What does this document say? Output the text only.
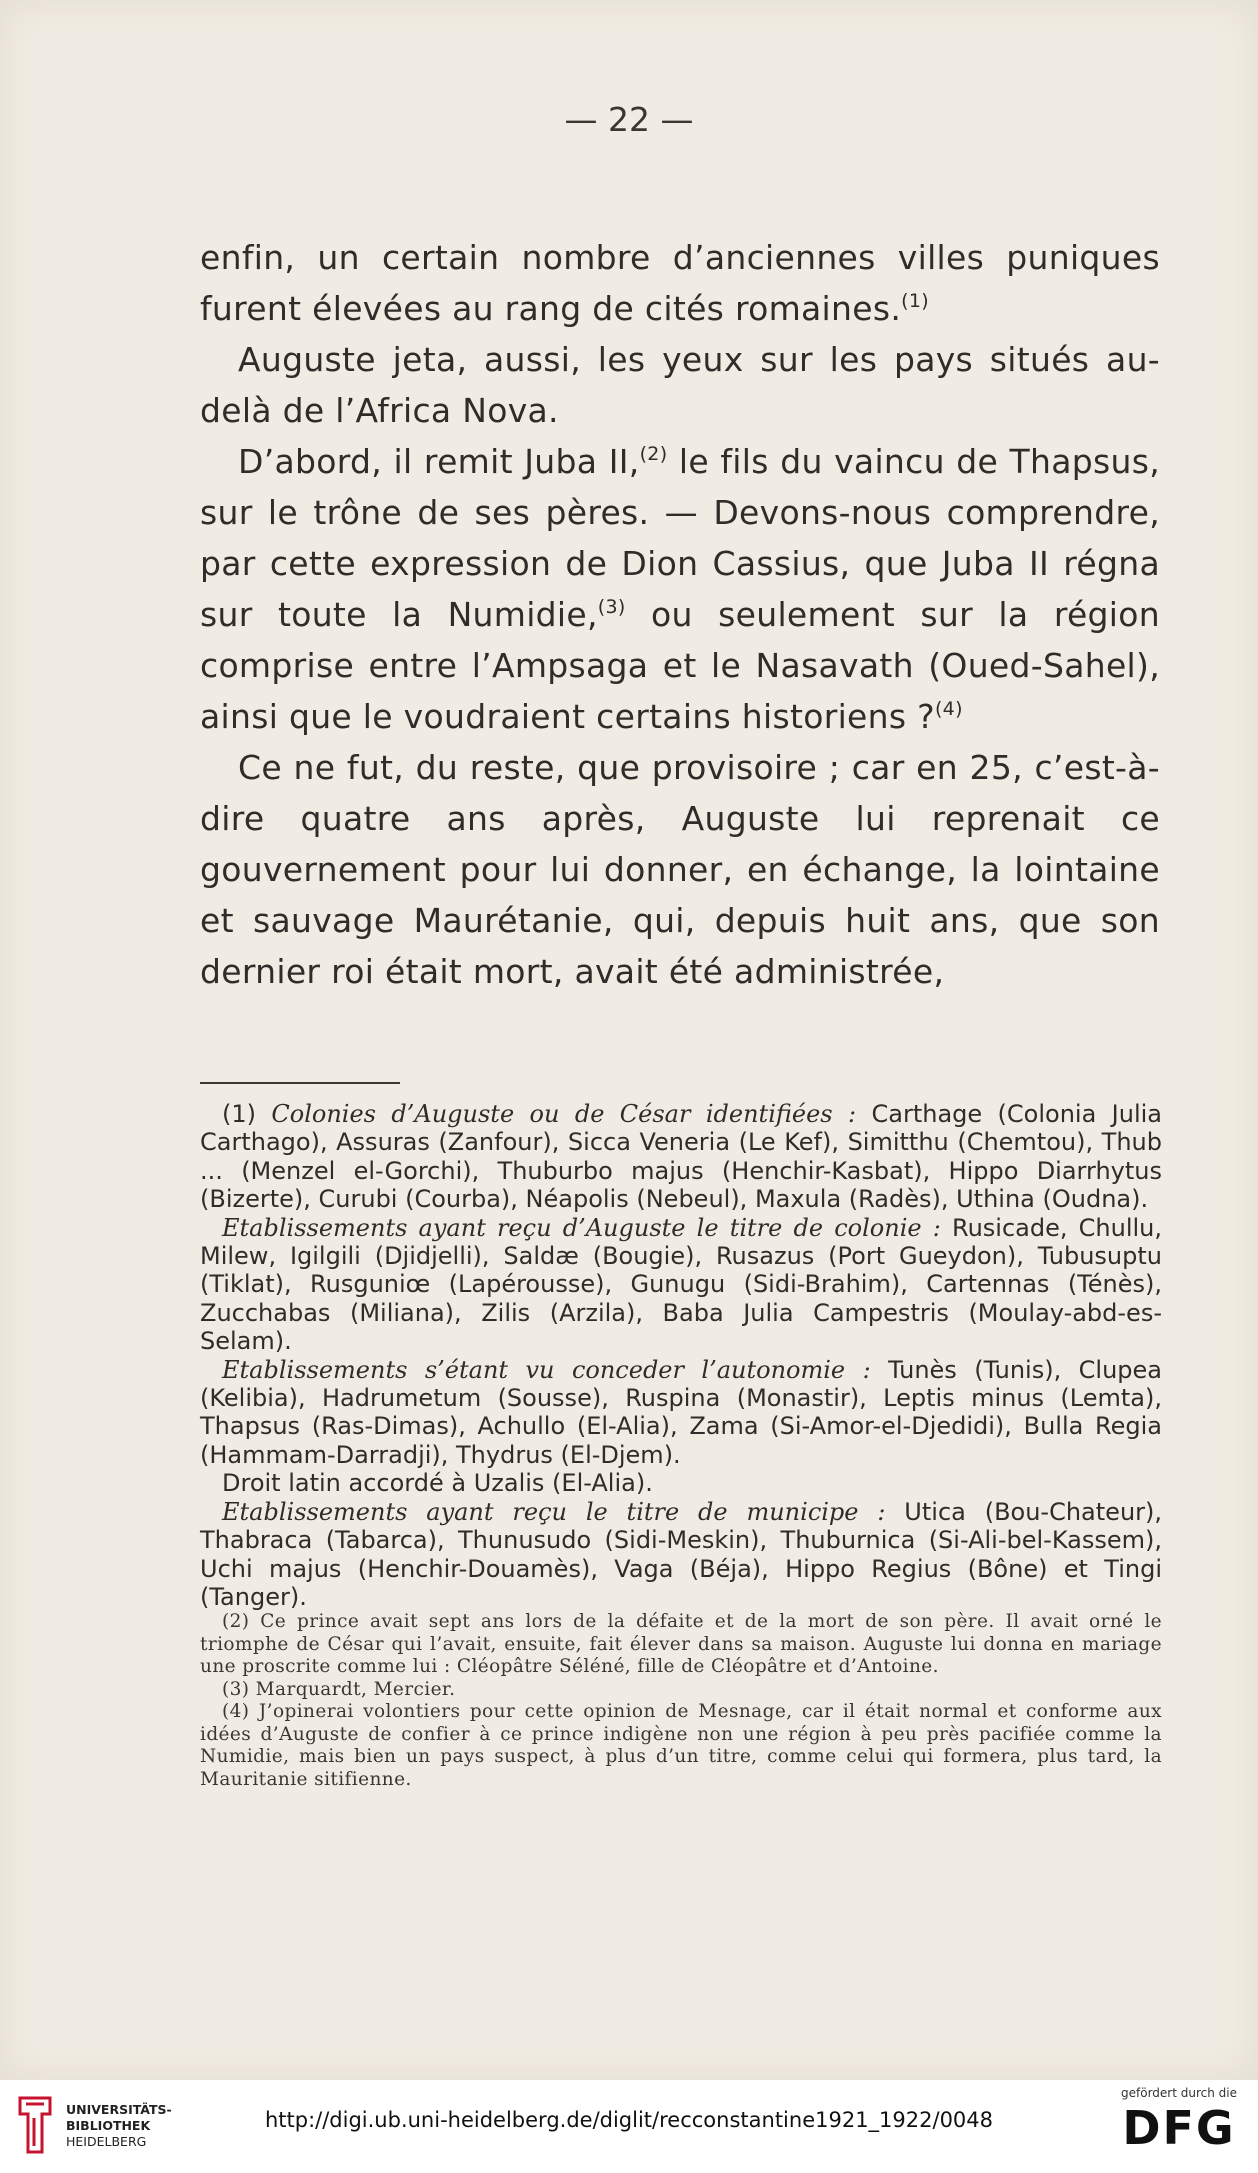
— 22 —

enfin, un certain nombre d’anciennes villes puniques furent élevées au rang de cités romaines.$^{(1)}$

Auguste jeta, aussi, les yeux sur les pays situés au-delà de l’Africa Nova.

D’abord, il remit Juba II,$^{(2)}$ le fils du vaincu de Thapsus, sur le trône de ses pères. — Devons-nous comprendre, par cette expression de Dion Cassius, que Juba II régna sur toute la Numidie,$^{(3)}$ ou seulement sur la région comprise entre l’Ampsaga et le Nasavath (Oued-Sahel), ainsi que le voudraient certains historiens ?$^{(4)}$

Ce ne fut, du reste, que provisoire ; car en 25, c’est-à-dire quatre ans après, Auguste lui reprenait ce gouvernement pour lui donner, en échange, la lointaine et sauvage Maurétanie, qui, depuis huit ans, que son dernier roi était mort, avait été administrée,

(1) Colonies d’Auguste ou de César identifiées : Carthage (Colonia Julia Carthago), Assuras (Zanfour), Sicca Veneria (Le Kef), Simitthu (Chemtou), Thub ... (Menzel el-Gorchi), Thuburbo majus (Henchir-Kasbat), Hippo Diarrhytus (Bizerte), Curubi (Courba), Néapolis (Nebeul), Maxula (Radès), Uthina (Oudna).

Etablissements ayant reçu d’Auguste le titre de colonie : Rusicade, Chullu, Milew, Igilgili (Djidjelli), Saldæ (Bougie), Rusazus (Port Gueydon), Tubusuptu (Tiklat), Rusguniœ (Lapérousse), Gunugu (Sidi-Brahim), Cartennas (Ténès), Zucchabas (Miliana), Zilis (Arzila), Baba Julia Campestris (Moulay-abd-es-Selam).

Etablissements s’étant vu conceder l’autonomie : Tunès (Tunis), Clupea (Kelibia), Hadrumetum (Sousse), Ruspina (Monastir), Leptis minus (Lemta), Thapsus (Ras-Dimas), Achullo (El-Alia), Zama (Si-Amor-el-Djedidi), Bulla Regia (Hammam-Darradji), Thydrus (El-Djem).

Droit latin accordé à Uzalis (El-Alia).

Etablissements ayant reçu le titre de municipe : Utica (Bou-Chateur), Thabraca (Tabarca), Thunusudo (Sidi-Meskin), Thuburnica (Si-Ali-bel-Kassem), Uchi majus (Henchir-Douamès), Vaga (Béja), Hippo Regius (Bône) et Tingi (Tanger).

(2) Ce prince avait sept ans lors de la défaite et de la mort de son père. Il avait orné le triomphe de César qui l’avait, ensuite, fait élever dans sa maison. Auguste lui donna en mariage une proscrite comme lui : Cléopâtre Séléné, fille de Cléopâtre et d’Antoine.

(3) Marquardt, Mercier.

(4) J’opinerai volontiers pour cette opinion de Mesnage, car il était normal et conforme aux idées d’Auguste de confier à ce prince indigène non une région à peu près pacifiée comme la Numidie, mais bien un pays suspect, à plus d’un titre, comme celui qui formera, plus tard, la Mauritanie sitifienne.

UNIVERSITÄTS-
BIBLIOTHEK
HEIDELBERG
http://digi.ub.uni-heidelberg.de/diglit/recconstantine1921_1922/0048
gefördert durch die
DFG
